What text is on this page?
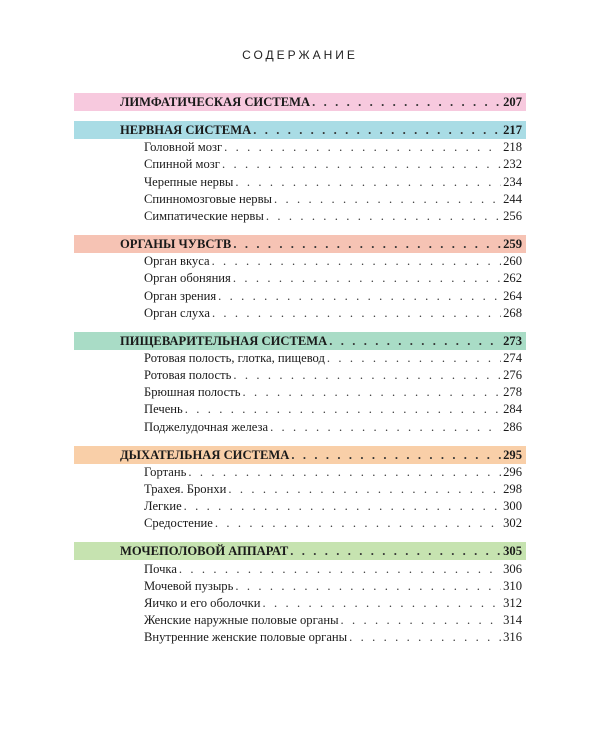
СОДЕРЖАНИЕ
ЛИМФАТИЧЕСКАЯ СИСТЕМА . . .	207
НЕРВНАЯ СИСТЕМА . . .	217
Головной мозг . . .	218
Спинной мозг . . .	232
Черепные нервы . . .	234
Спинномозговые нервы . . .	244
Симпатические нервы . . .	256
ОРГАНЫ ЧУВСТВ . . .	259
Орган вкуса . . .	260
Орган обоняния . . .	262
Орган зрения . . .	264
Орган слуха . . .	268
ПИЩЕВАРИТЕЛЬНАЯ СИСТЕМА . . .	273
Ротовая полость, глотка, пищевод . . .	274
Ротовая полость . . .	276
Брюшная полость . . .	278
Печень . . .	284
Поджелудочная железа . . .	286
ДЫХАТЕЛЬНАЯ СИСТЕМА . . .	295
Гортань . . .	296
Трахея. Бронхи . . .	298
Легкие . . .	300
Средостение . . .	302
МОЧЕПОЛОВОЙ АППАРАТ . . .	305
Почка . . .	306
Мочевой пузырь . . .	310
Яичко и его оболочки . . .	312
Женские наружные половые органы . . .	314
Внутренние женские половые органы . . .	316
